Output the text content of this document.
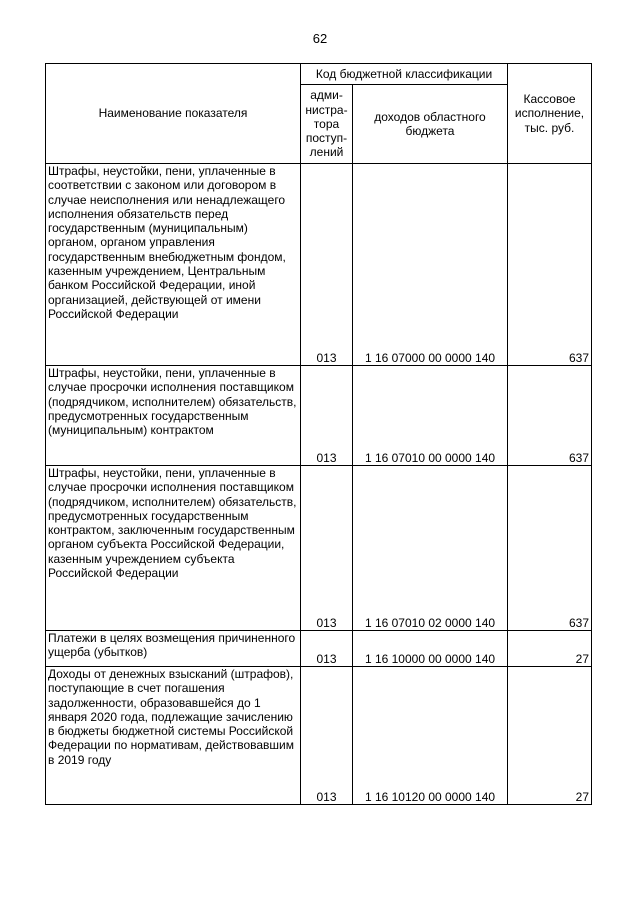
62
Наименование показателя	Код бюджетной классификации		Кассовое исполнение, тыс. руб.
	адми-нистра-тора поступ-лений	доходов областного бюджета	
Штрафы, неустойки, пени, уплаченные в соответствии с законом или договором в случае неисполнения или ненадлежащего исполнения обязательств перед государственным (муниципальным) органом, органом управления государственным внебюджетным фондом, казенным учреждением, Центральным банком Российской Федерации, иной организацией, действующей от имени Российской Федерации	013	1 16 07000 00 0000 140	637
Штрафы, неустойки, пени, уплаченные в случае просрочки исполнения поставщиком (подрядчиком, исполнителем) обязательств, предусмотренных государственным (муниципальным) контрактом	013	1 16 07010 00 0000 140	637
Штрафы, неустойки, пени, уплаченные в случае просрочки исполнения поставщиком (подрядчиком, исполнителем) обязательств, предусмотренных государственным контрактом, заключенным государственным органом субъекта Российской Федерации, казенным учреждением субъекта Российской Федерации	013	1 16 07010 02 0000 140	637
Платежи в целях возмещения причиненного ущерба (убытков)	013	1 16 10000 00 0000 140	27
Доходы от денежных взысканий (штрафов), поступающие в счет погашения задолженности, образовавшейся до 1 января 2020 года, подлежащие зачислению в бюджеты бюджетной системы Российской Федерации по нормативам, действовавшим в 2019 году	013	1 16 10120 00 0000 140	27
